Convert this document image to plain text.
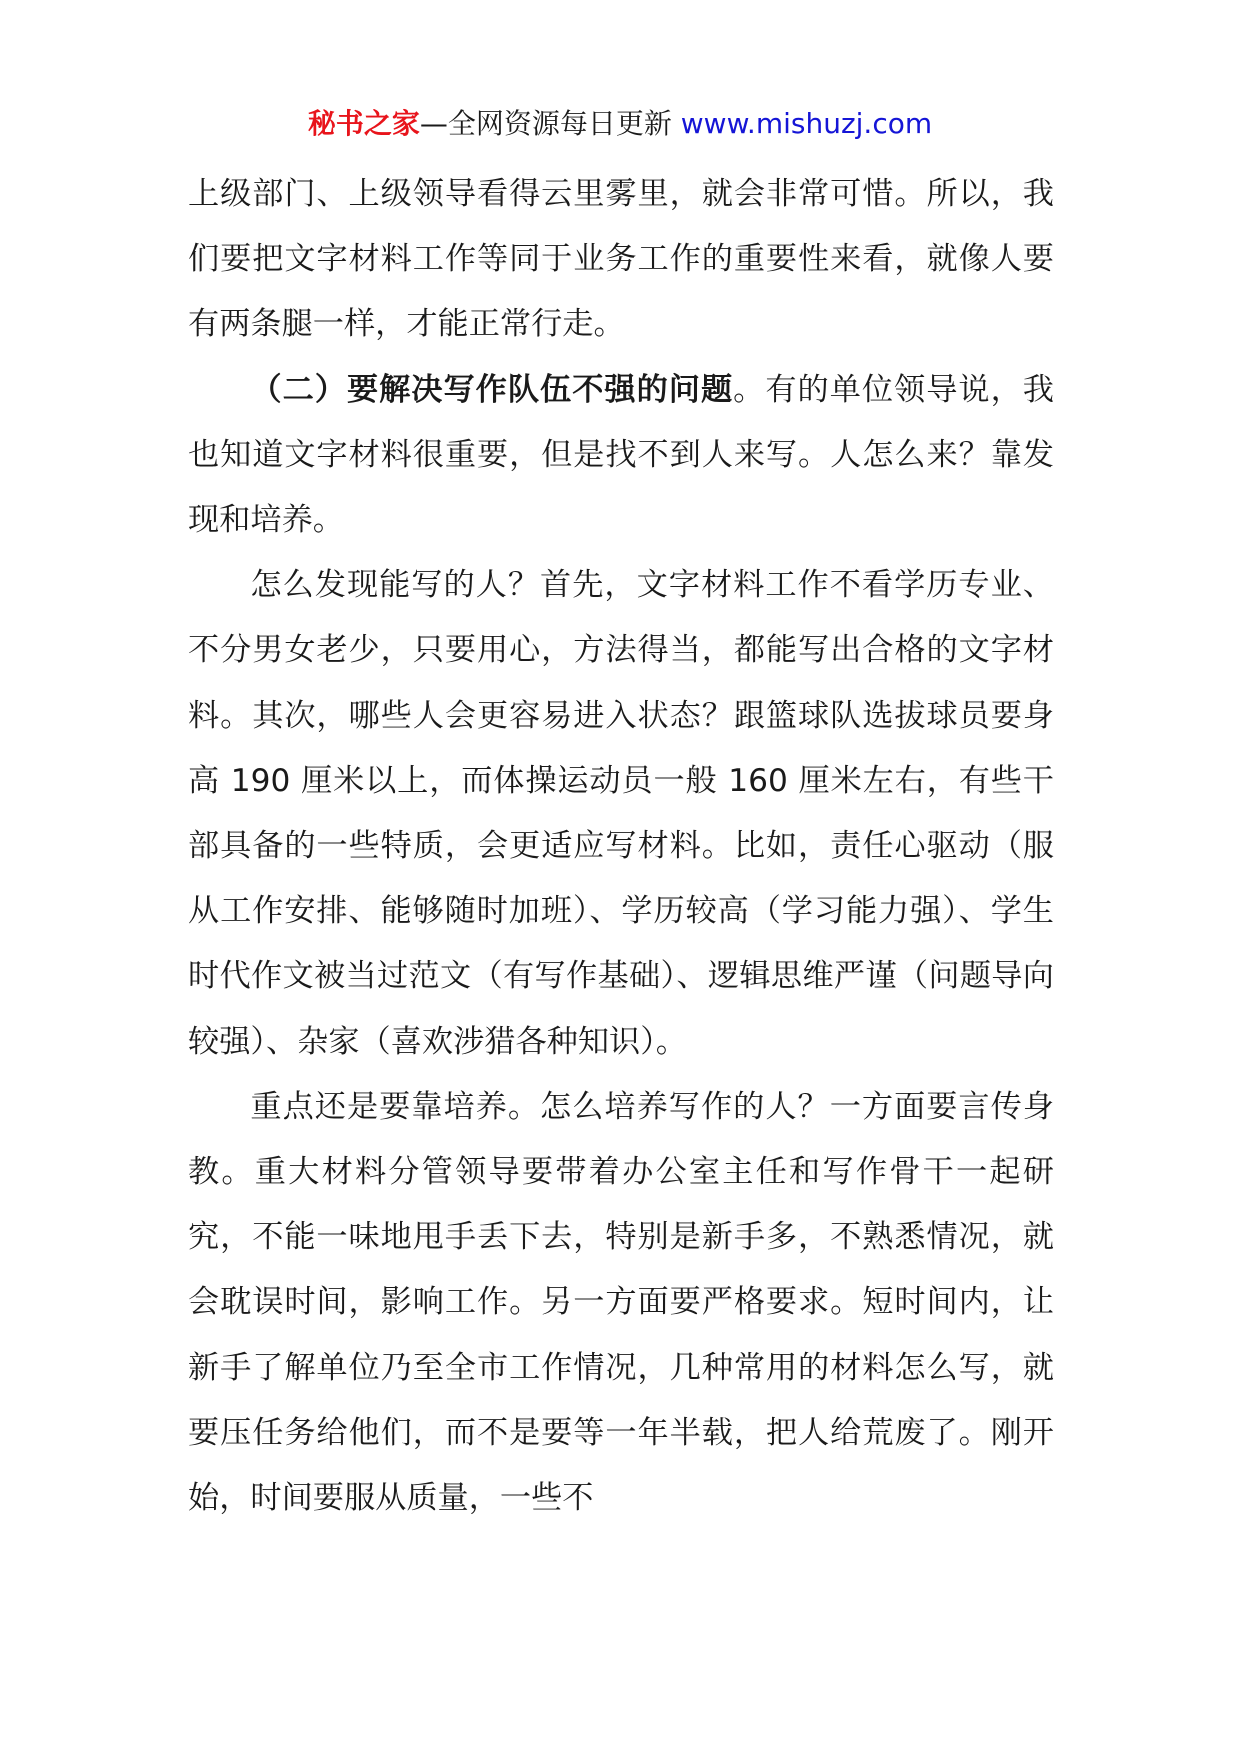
秘书之家—全网资源每日更新 www.mishuzj.com

上级部门、上级领导看得云里雾里，就会非常可惜。所以，我们要把文字材料工作等同于业务工作的重要性来看，就像人要有两条腿一样，才能正常行走。

（二）要解决写作队伍不强的问题。有的单位领导说，我也知道文字材料很重要，但是找不到人来写。人怎么来？靠发现和培养。

怎么发现能写的人？首先，文字材料工作不看学历专业、不分男女老少，只要用心，方法得当，都能写出合格的文字材料。其次，哪些人会更容易进入状态？跟篮球队选拔球员要身高 190 厘米以上，而体操运动员一般 160 厘米左右，有些干部具备的一些特质，会更适应写材料。比如，责任心驱动（服从工作安排、能够随时加班）、学历较高（学习能力强）、学生时代作文被当过范文（有写作基础）、逻辑思维严谨（问题导向较强）、杂家（喜欢涉猎各种知识）。

重点还是要靠培养。怎么培养写作的人？一方面要言传身教。重大材料分管领导要带着办公室主任和写作骨干一起研究，不能一味地甩手丢下去，特别是新手多，不熟悉情况，就会耽误时间，影响工作。另一方面要严格要求。短时间内，让新手了解单位乃至全市工作情况，几种常用的材料怎么写，就要压任务给他们，而不是要等一年半载，把人给荒废了。刚开始，时间要服从质量，一些不
